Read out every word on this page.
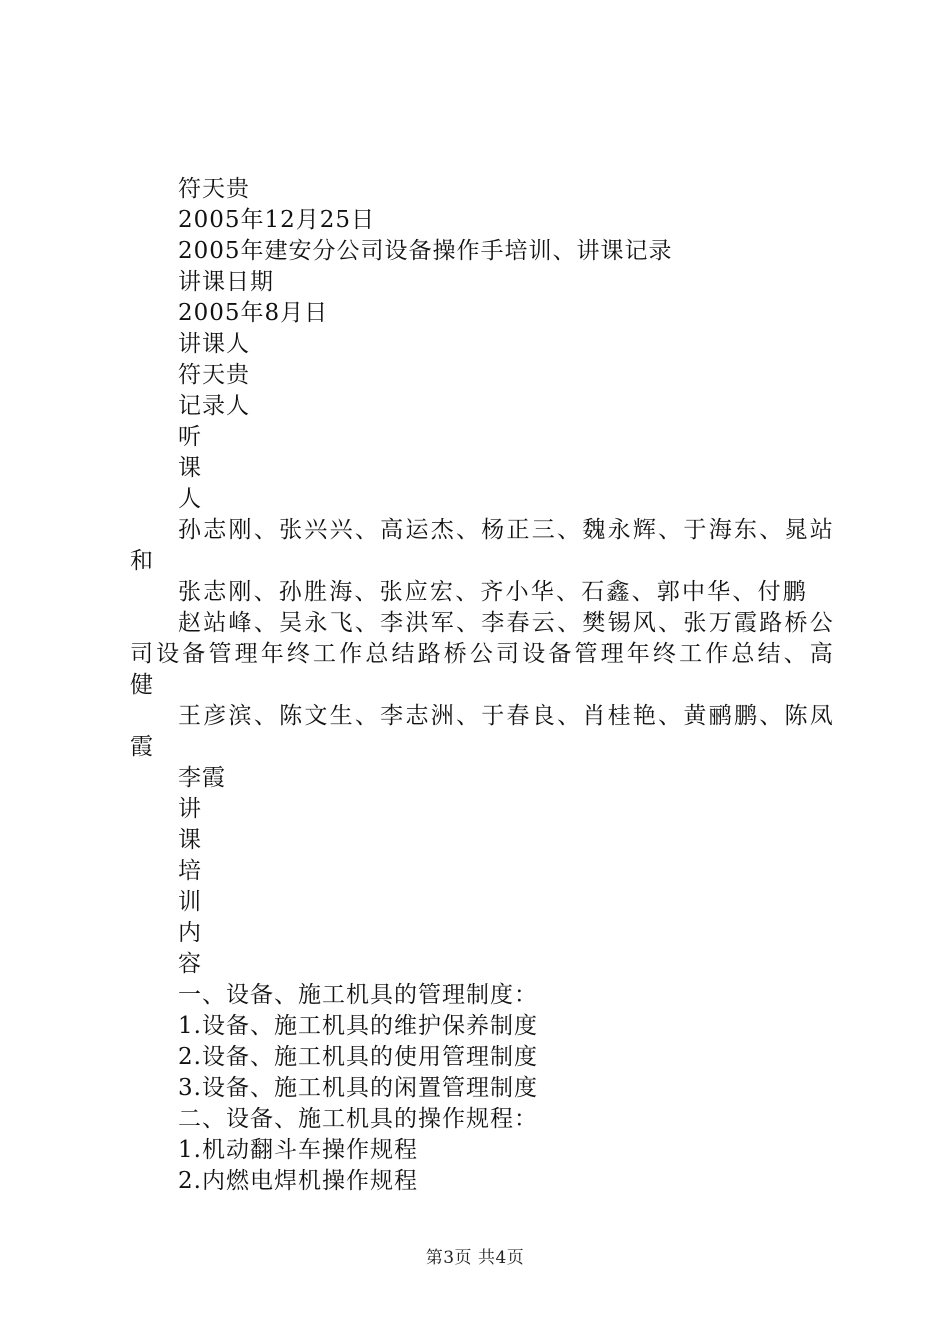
符天贵
2005年12月25日
2005年建安分公司设备操作手培训、讲课记录
讲课日期
2005年8月日
讲课人
符天贵
记录人
听
课
人
孙志刚、张兴兴、高运杰、杨正三、魏永辉、于海东、晁站和
张志刚、孙胜海、张应宏、齐小华、石鑫、郭中华、付鹏
赵站峰、吴永飞、李洪军、李春云、樊锡风、张万霞路桥公司设备管理年终工作总结路桥公司设备管理年终工作总结、高健
王彦滨、陈文生、李志洲、于春良、肖桂艳、黄鹂鹏、陈凤霞
李霞
讲
课
培
训
内
容
一、设备、施工机具的管理制度：
1.设备、施工机具的维护保养制度
2.设备、施工机具的使用管理制度
3.设备、施工机具的闲置管理制度
二、设备、施工机具的操作规程：
1.机动翻斗车操作规程
2.内燃电焊机操作规程
第3页 共4页
